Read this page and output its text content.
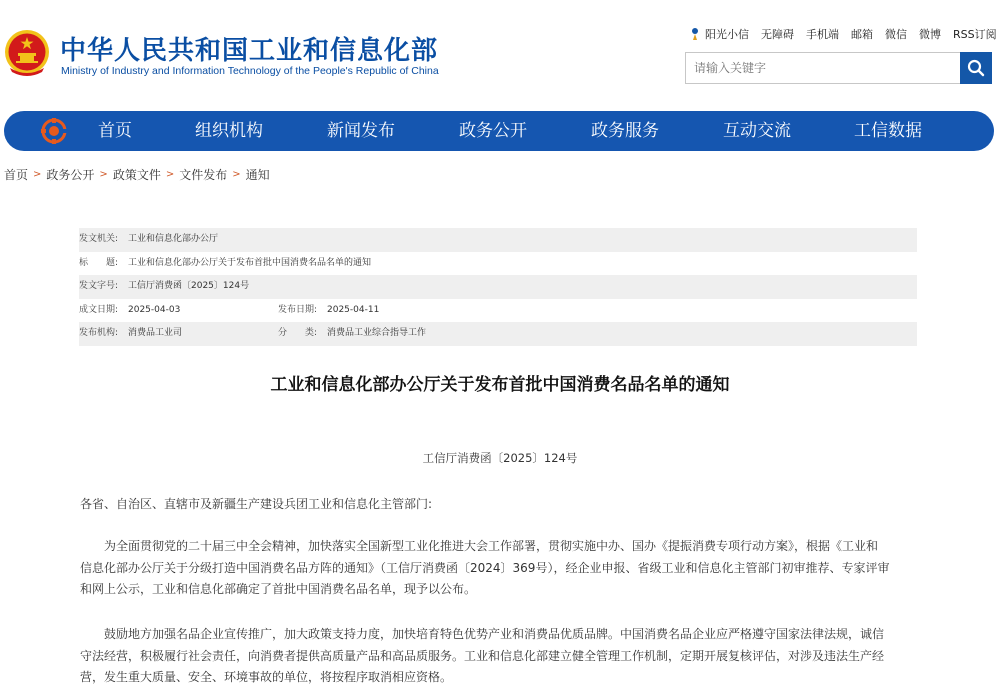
中华人民共和国工业和信息化部
Ministry of Industry and Information Technology of the People's Republic of China
阳光小信 无障碍 手机端 邮箱 微信 微博 RSS订阅
请输入关键字
首页	组织机构	新闻发布	政务公开	政务服务	互动交流	工信数据
首页 > 政务公开 > 政策文件 > 文件发布 > 通知
发文机关: 工业和信息化部办公厅
标　　题: 工业和信息化部办公厅关于发布首批中国消费名品名单的通知
发文字号: 工信厅消费函〔2025〕124号
成文日期: 2025-04-03	发布日期: 2025-04-11
发布机构: 消费品工业司	分　　类: 消费品工业综合指导工作
工业和信息化部办公厅关于发布首批中国消费名品名单的通知
工信厅消费函〔2025〕124号
各省、自治区、直辖市及新疆生产建设兵团工业和信息化主管部门:
为全面贯彻党的二十届三中全会精神，加快落实全国新型工业化推进大会工作部署，贯彻实施中办、国办《提振消费专项行动方案》，根据《工业和
信息化部办公厅关于分级打造中国消费名品方阵的通知》（工信厅消费函〔2024〕369号），经企业申报、省级工业和信息化主管部门初审推荐、专家评审
和网上公示，工业和信息化部确定了首批中国消费名品名单，现予以公布。
鼓励地方加强名品企业宣传推广，加大政策支持力度，加快培育特色优势产业和消费品优质品牌。中国消费名品企业应严格遵守国家法律法规，诚信
守法经营，积极履行社会责任，向消费者提供高质量产品和高品质服务。工业和信息化部建立健全管理工作机制，定期开展复核评估，对涉及违法生产经
营，发生重大质量、安全、环境事故的单位，将按程序取消相应资格。
